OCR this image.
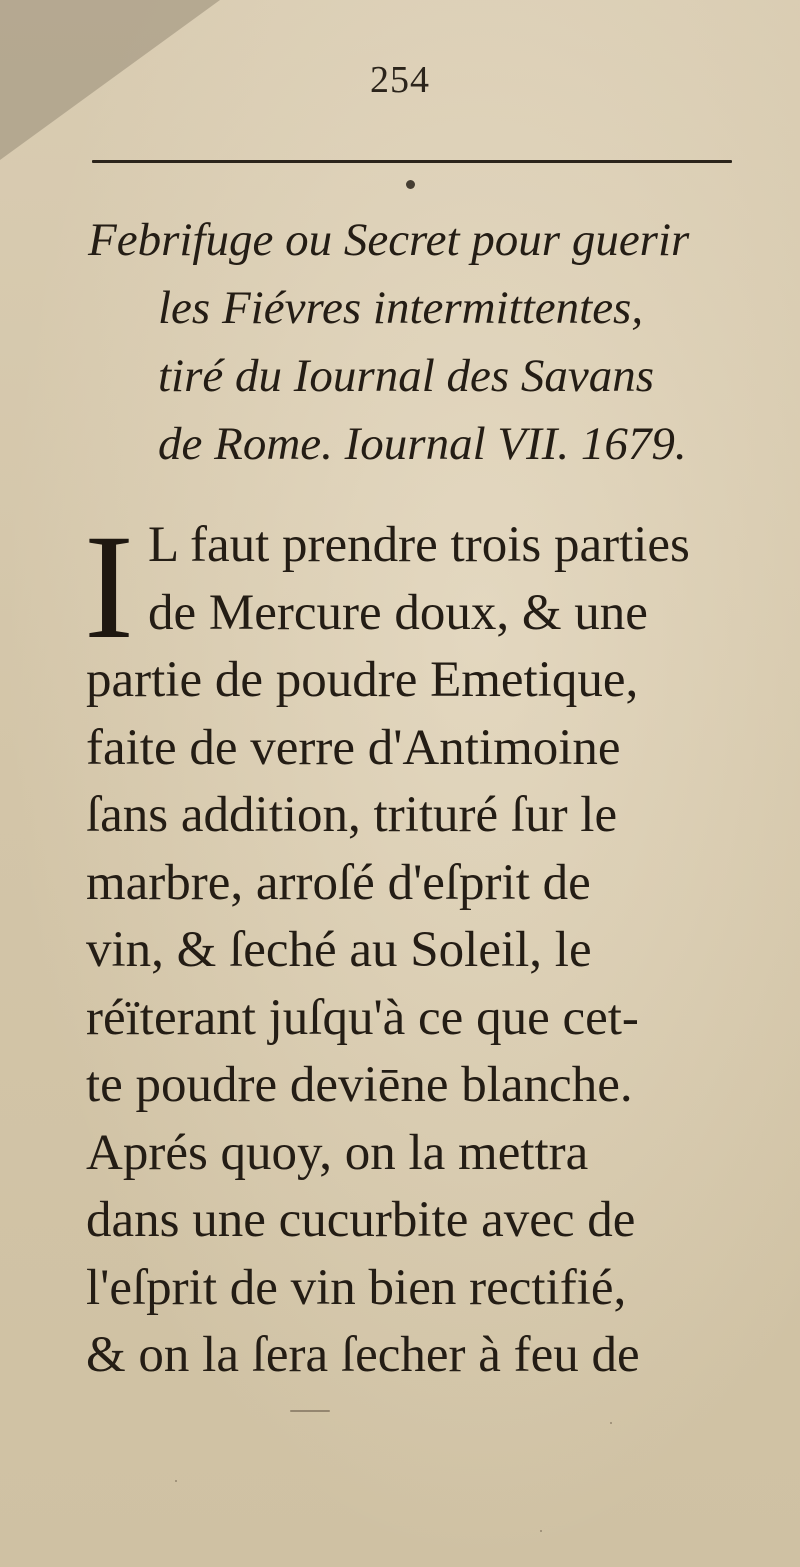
254
Febrifuge ou Secret pour guerir
les Fiévres intermittentes,
tiré du Iournal des Savans
de Rome. Iournal VII. 1679.
I L faut prendre trois parties
de Mercure doux, & une
partie de poudre Emetique,
faite de verre d'Antimoine
ſans addition, trituré ſur le
marbre, arroſé d'eſprit de
vin, & ſeché au Soleil, le
réïterant juſqu'à ce que cet-
te poudre deviēne blanche.
Aprés quoy, on la mettra
dans une cucurbite avec de
l'eſprit de vin bien rectifié,
& on la ſera ſecher à feu de
